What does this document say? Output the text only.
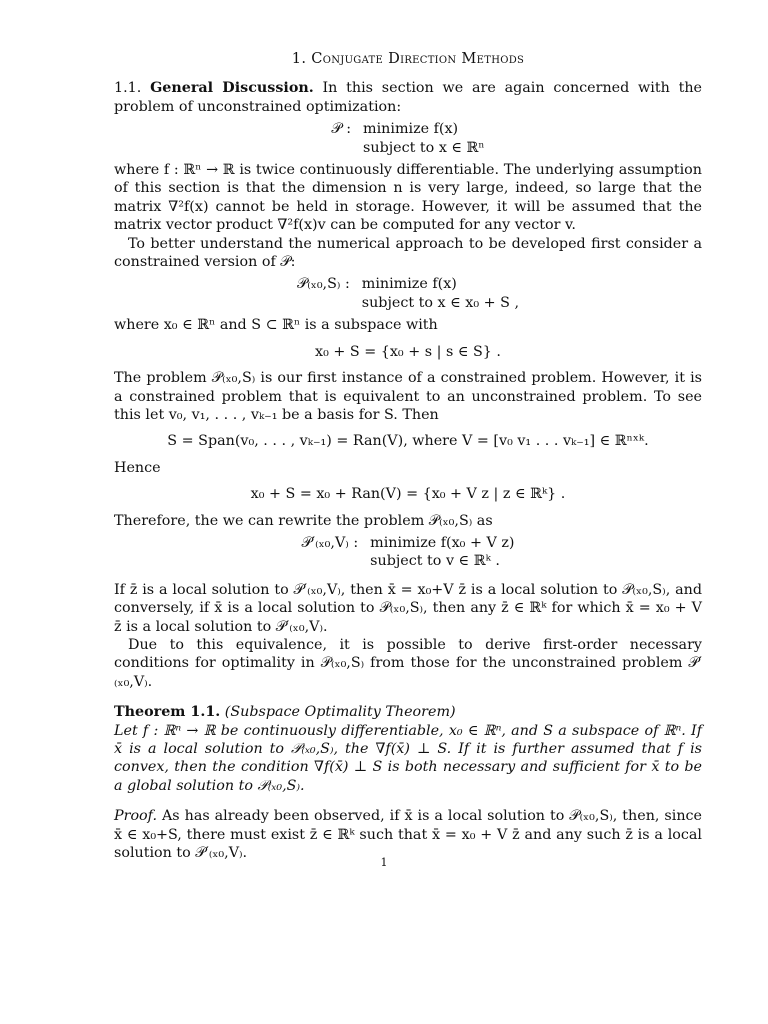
1. Conjugate Direction Methods

1.1. General Discussion. In this section we are again concerned with the problem of unconstrained optimization:

𝒫 : minimize f(x)
subject to x ∈ ℝⁿ

where f : ℝⁿ → ℝ is twice continuously differentiable. The underlying assumption of this section is that the dimension n is very large, indeed, so large that the matrix ∇²f(x) cannot be held in storage. However, it will be assumed that the matrix vector product ∇²f(x)v can be computed for any vector v.

To better understand the numerical approach to be developed first consider a constrained version of 𝒫:

𝒫₍ₓ₀,S₎ : minimize f(x)
subject to x ∈ x₀ + S ,

where x₀ ∈ ℝⁿ and S ⊂ ℝⁿ is a subspace with

x₀ + S = {x₀ + s | s ∈ S} .

The problem 𝒫₍ₓ₀,S₎ is our first instance of a constrained problem. However, it is a constrained problem that is equivalent to an unconstrained problem. To see this let v₀, v₁, . . . , vₖ₋₁ be a basis for S. Then

S = Span(v₀, . . . , vₖ₋₁) = Ran(V), where V = [v₀ v₁ . . . vₖ₋₁] ∈ ℝⁿˣᵏ.

Hence

x₀ + S = x₀ + Ran(V) = {x₀ + V z | z ∈ ℝᵏ} .

Therefore, the we can rewrite the problem 𝒫₍ₓ₀,S₎ as

𝒫′₍ₓ₀,V₎ : minimize f(x₀ + V z)
subject to v ∈ ℝᵏ .

If z̄ is a local solution to 𝒫′₍ₓ₀,V₎, then x̄ = x₀+V z̄ is a local solution to 𝒫₍ₓ₀,S₎, and conversely, if x̄ is a local solution to 𝒫₍ₓ₀,S₎, then any z̄ ∈ ℝᵏ for which x̄ = x₀ + V z̄ is a local solution to 𝒫′₍ₓ₀,V₎.

Due to this equivalence, it is possible to derive first-order necessary conditions for optimality in 𝒫₍ₓ₀,S₎ from those for the unconstrained problem 𝒫′₍ₓ₀,V₎.

Theorem 1.1. (Subspace Optimality Theorem)
Let f : ℝⁿ → ℝ be continuously differentiable, x₀ ∈ ℝⁿ, and S a subspace of ℝⁿ. If x̄ is a local solution to 𝒫₍ₓ₀,S₎, the ∇f(x̄) ⊥ S. If it is further assumed that f is convex, then the condition ∇f(x̄) ⊥ S is both necessary and sufficient for x̄ to be a global solution to 𝒫₍ₓ₀,S₎.

Proof. As has already been observed, if x̄ is a local solution to 𝒫₍ₓ₀,S₎, then, since x̄ ∈ x₀+S, there must exist z̄ ∈ ℝᵏ such that x̄ = x₀ + V z̄ and any such z̄ is a local solution to 𝒫′₍ₓ₀,V₎.

1
